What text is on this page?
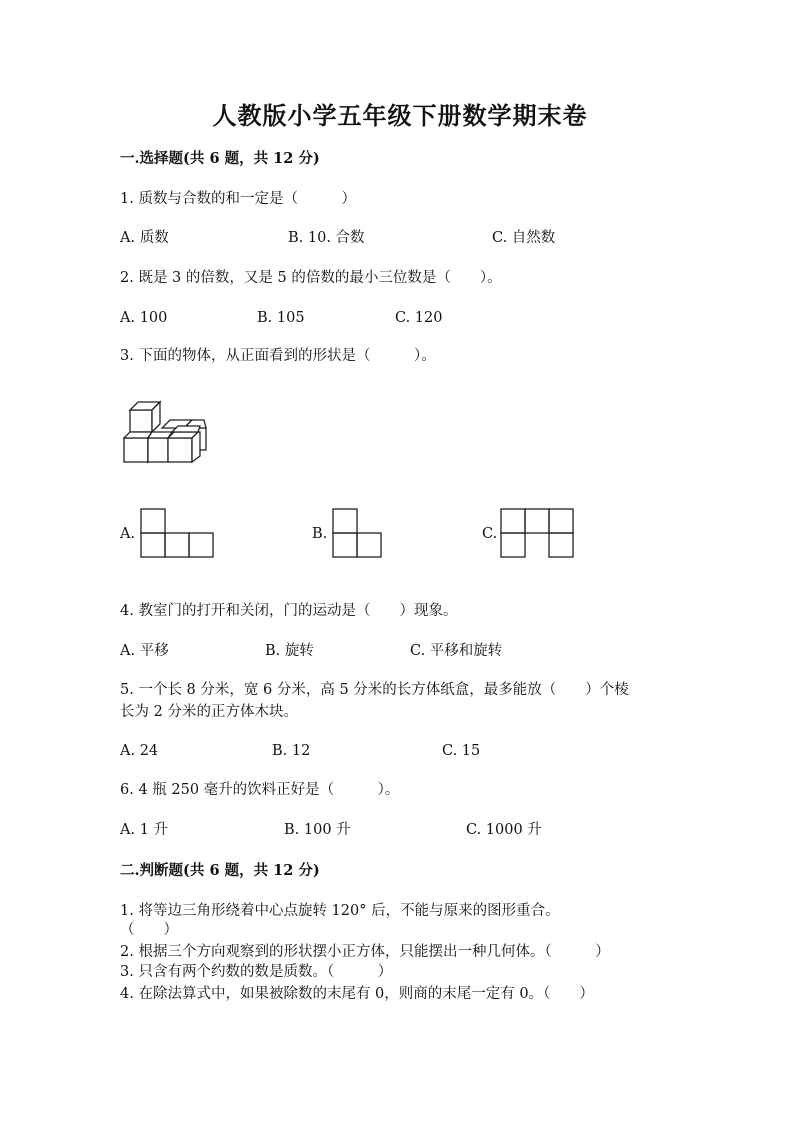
人教版小学五年级下册数学期末卷
一.选择题(共 6 题，共 12 分)
1. 质数与合数的和一定是（　　　）
A. 质数	B. 10. 合数	C. 自然数
2. 既是 3 的倍数，又是 5 的倍数的最小三位数是（　　）。
A. 100	B. 105	C. 120
3. 下面的物体，从正面看到的形状是（　　　）。
A.	B.	C.
4. 教室门的打开和关闭，门的运动是（　　）现象。
A. 平移	B. 旋转	C. 平移和旋转
5. 一个长 8 分米，宽 6 分米，高 5 分米的长方体纸盒，最多能放（　　）个棱
长为 2 分米的正方体木块。
A. 24	B. 12	C. 15
6. 4 瓶 250 毫升的饮料正好是（　　　）。
A. 1 升	B. 100 升	C. 1000 升
二.判断题(共 6 题，共 12 分)
1. 将等边三角形绕着中心点旋转 120° 后，不能与原来的图形重合。
（　　）
2. 根据三个方向观察到的形状摆小正方体，只能摆出一种几何体。（　　　）
3. 只含有两个约数的数是质数。（　　　）
4. 在除法算式中，如果被除数的末尾有 0，则商的末尾一定有 0。（　　）
